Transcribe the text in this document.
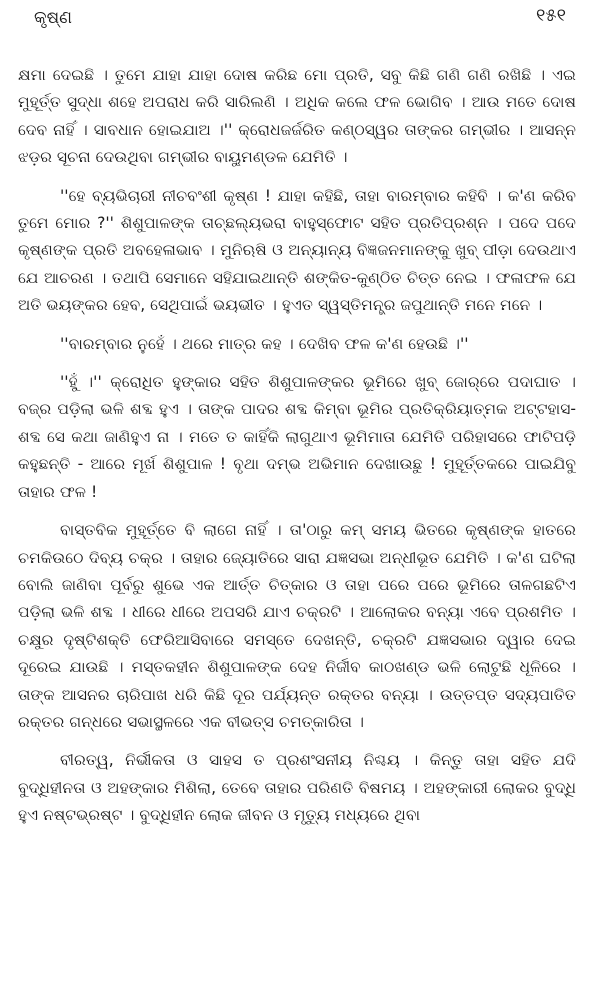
କୃଷ୍ଣ	୧୫୧

କ୍ଷମା ଦେଇଛି । ତୁମେ ଯାହା ଯାହା ଦୋଷ କରିଛ ମୋ ପ୍ରତି, ସବୁ କିଛି ଗଣି ଗଣି ରଖିଛି । ଏଇ ମୁହୂର୍ତ୍ତ ସୁଦ୍ଧା ଶହେ ଅପରାଧ କରି ସାରିଲଣି । ଅଧିକ କଲେ ଫଳ ଭୋଗିବ । ଆଉ ମତେ ଦୋଷ ଦେବ ନାହିଁ । ସାବଧାନ ହୋଇଯାଅ ।'' କ୍ରୋଧଜର୍ଜରିତ କଣ୍ଠସ୍ୱର ତାଙ୍କର ଗମ୍ଭୀର । ଆସନ୍ନ ଝଡ଼ର ସୂଚନା ଦେଉଥିବା ଗମ୍ଭୀର ବାୟୁମଣ୍ଡଳ ଯେମିତି ।

''ହେ ବ୍ୟଭିଚାରୀ ନୀଚବଂଶୀ କୃଷ୍ଣ ! ଯାହା କହିଛି, ତାହା ବାରମ୍ବାର କହିବି । କ'ଣ କରିବ ତୁମେ ମୋର ?'' ଶିଶୁପାଳଙ୍କ ତାଚ୍ଛଲ୍ୟଭରା ବାହୁସ୍ଫୋଟ ସହିତ ପ୍ରତିପ୍ରଶ୍ନ । ପଦେ ପଦେ କୃଷ୍ଣଙ୍କ ପ୍ରତି ଅବହେଳାଭାବ । ମୁନିଋଷି ଓ ଅନ୍ୟାନ୍ୟ ବିଜ୍ଞଜନମାନଙ୍କୁ ଖୁବ୍ ପୀଡ଼ା ଦେଉଥାଏ ଯେ ଆଚରଣ । ତଥାପି ସେମାନେ ସହିଯାଇଥାନ୍ତି ଶଙ୍କିତ-କୁଣ୍ଠିତ ଚିତ୍ତ ନେଇ । ଫଳାଫଳ ଯେ ଅତି ଭୟଙ୍କର ହେବ, ସେଥିପାଇଁ ଭୟଭୀତ । ହୁଏତ ସ୍ୱସ୍ତିମନ୍ତ୍ର ଜପୁଥାନ୍ତି ମନେ ମନେ ।

''ବାରମ୍ବାର ନୁହେଁ । ଥରେ ମାତ୍ର କହ । ଦେଖିବ ଫଳ କ'ଣ ହେଉଛି ।''

''ହୁଁ ।'' କ୍ରୋଧିତ ହୁଙ୍କାର ସହିତ ଶିଶୁପାଳଙ୍କର ଭୂମିରେ ଖୁବ୍ ଜୋର୍‌ରେ ପଦାଘାତ । ବଜ୍ର ପଡ଼ିଲା ଭଳି ଶବ୍ଦ ହୁଏ । ତାଙ୍କ ପାଦର ଶବ୍ଦ କିମ୍ବା ଭୂମିର ପ୍ରତିକ୍ରିୟାତ୍ମକ ଅଟ୍ଟହାସ-ଶବ୍ଦ ସେ କଥା ଜାଣିହୁଏ ନା । ମତେ ତ କାହିଁକି ଲାଗୁଥାଏ ଭୂମିମାତା ଯେମିତି ପରିହାସରେ ଫାଟିପଡ଼ି କହୁଛନ୍ତି - ଆରେ ମୂର୍ଖ ଶିଶୁପାଳ ! ବୃଥା ଦମ୍ଭ ଅଭିମାନ ଦେଖାଉଛୁ ! ମୁହୂର୍ତ୍ତକରେ ପାଇଯିବୁ ତାହାର ଫଳ !

ବାସ୍ତବିକ ମୁହୂର୍ତ୍ତେ ବି ଲାଗେ ନାହିଁ । ତା'ଠାରୁ କମ୍ ସମୟ ଭିତରେ କୃଷ୍ଣଙ୍କ ହାତରେ ଚମକିଉଠେ ଦିବ୍ୟ ଚକ୍ର । ତାହାର ଜ୍ୟୋତିରେ ସାରା ଯଜ୍ଞସଭା ଅନ୍ଧୀଭୂତ ଯେମିତି । କ'ଣ ଘଟିଲା ବୋଲି ଜାଣିବା ପୂର୍ବରୁ ଶୁଭେ ଏକ ଆର୍ତ୍ତ ଚିତ୍କାର ଓ ତାହା ପରେ ପରେ ଭୂମିରେ ତାଳଗଛଟିଏ ପଡ଼ିଲା ଭଳି ଶବ୍ଦ । ଧୀରେ ଧୀରେ ଅପସରି ଯାଏ ଚକ୍ରଟି । ଆଲୋକର ବନ୍ୟା ଏବେ ପ୍ରଶମିତ । ଚକ୍ଷୁର ଦୃଷ୍ଟିଶକ୍ତି ଫେରିଆସିବାରେ ସମସ୍ତେ ଦେଖନ୍ତି, ଚକ୍ରଟି ଯଜ୍ଞସଭାର ଦ୍ୱାର ଦେଇ ଦୂରେଇ ଯାଉଛି । ମସ୍ତକହୀନ ଶିଶୁପାଳଙ୍କ ଦେହ ନିର୍ଜୀବ କାଠଖଣ୍ଡ ଭଳି ଲୋଟୁଛି ଧୂଳିରେ । ତାଙ୍କ ଆସନର ଚାରିପାଖ ଧରି କିଛି ଦୂର ପର୍ଯ୍ୟନ୍ତ ରକ୍ତର ବନ୍ୟା । ଉତ୍ତପ୍ତ ସଦ୍ୟପାତିତ ରକ୍ତର ଗନ୍ଧରେ ସଭାସ୍ଥଳରେ ଏକ ବୀଭତ୍ସ ଚମତ୍କାରିତା ।

ବୀରତ୍ୱ, ନିର୍ଭୀକତା ଓ ସାହସ ତ ପ୍ରଶଂସନୀୟ ନିଶ୍ଚୟ । କିନ୍ତୁ ତାହା ସହିତ ଯଦି ବୁଦ୍ଧିହୀନତା ଓ ଅହଙ୍କାର ମିଶିଲା, ତେବେ ତାହାର ପରିଣତି ବିଷମୟ । ଅହଙ୍କାରୀ ଲୋକର ବୁଦ୍ଧି ହୁଏ ନଷ୍ଟଭ୍ରଷ୍ଟ । ବୁଦ୍ଧିହୀନ ଲୋକ ଜୀବନ ଓ ମୃତ୍ୟୁ ମଧ୍ୟରେ ଥିବା
